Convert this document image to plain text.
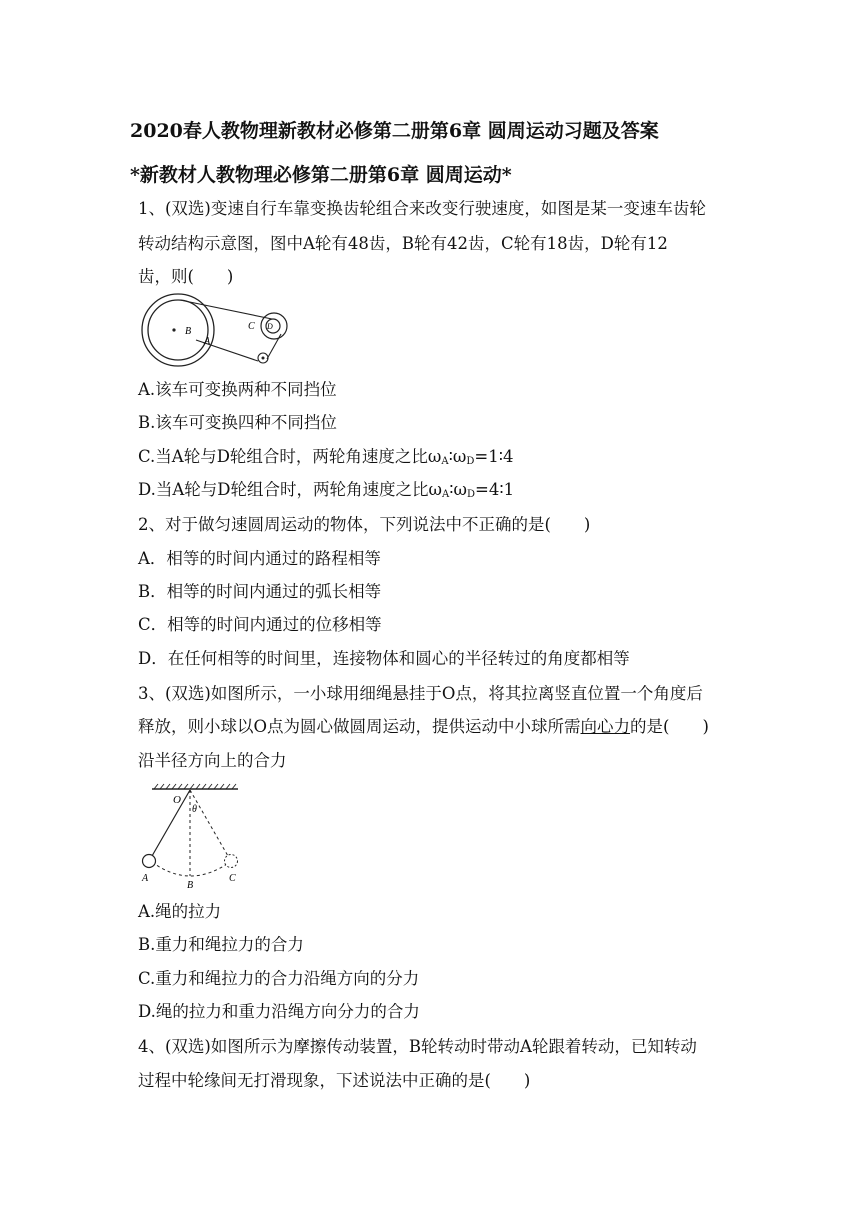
2020春人教物理新教材必修第二册第6章 圆周运动习题及答案
*新教材人教物理必修第二册第6章 圆周运动*
1、(双选)变速自行车靠变换齿轮组合来改变行驶速度，如图是某一变速车齿轮
转动结构示意图，图中A轮有48齿，B轮有42齿，C轮有18齿，D轮有12
齿，则(　　)
B
A
C D
A.该车可变换两种不同挡位
B.该车可变换四种不同挡位
C.当A轮与D轮组合时，两轮角速度之比$\omega_A∶\omega_D=1∶4$
D.当A轮与D轮组合时，两轮角速度之比$\omega_A∶\omega_D=4∶1$
2、对于做匀速圆周运动的物体，下列说法中不正确的是(　　)
A．相等的时间内通过的路程相等
B．相等的时间内通过的弧长相等
C．相等的时间内通过的位移相等
D．在任何相等的时间里，连接物体和圆心的半径转过的角度都相等
3、(双选)如图所示，一小球用细绳悬挂于O点，将其拉离竖直位置一个角度后
释放，则小球以O点为圆心做圆周运动，提供运动中小球所需向心力的是(　　)
沿半径方向上的合力
O
θ
A
B
C
A.绳的拉力
B.重力和绳拉力的合力
C.重力和绳拉力的合力沿绳方向的分力
D.绳的拉力和重力沿绳方向分力的合力
4、(双选)如图所示为摩擦传动装置，B轮转动时带动A轮跟着转动，已知转动
过程中轮缘间无打滑现象，下述说法中正确的是(　　)
